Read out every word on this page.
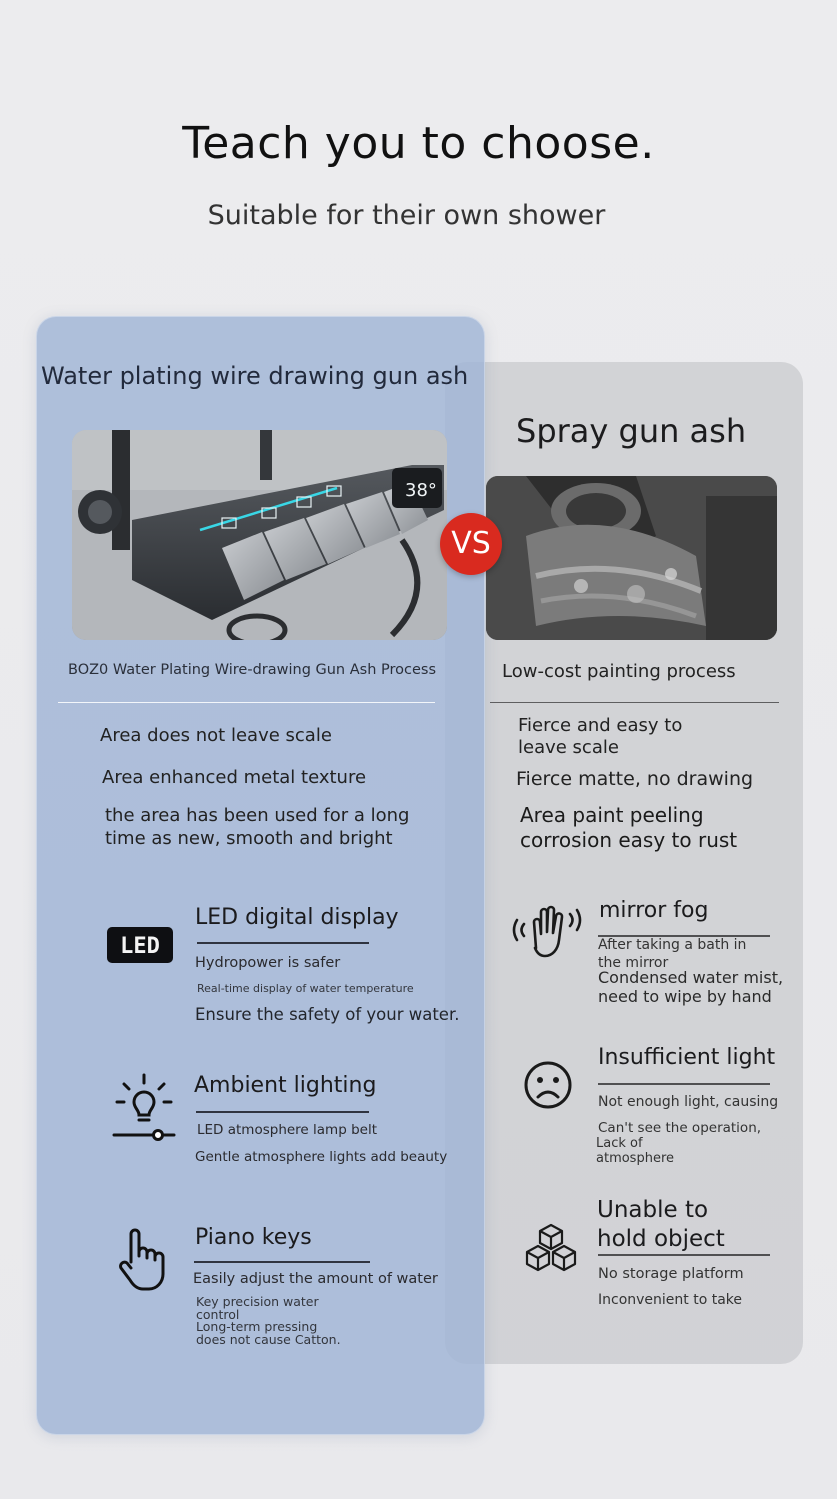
Teach you to choose.
Suitable for their own shower
Water plating wire drawing gun ash
Spray gun ash
38°
VS
BOZ0 Water Plating Wire-drawing Gun Ash Process	Low-cost painting process
Area does not leave scale
Area enhanced metal texture
the area has been used for a long
time as new, smooth and bright
Fierce and easy to
leave scale
Fierce matte, no drawing
Area paint peeling
corrosion easy to rust
LED
LED digital display
Hydropower is safer
Real-time display of water temperature
Ensure the safety of your water.
Ambient lighting
LED atmosphere lamp belt
Gentle atmosphere lights add beauty
Piano keys
Easily adjust the amount of water
Key precision water
control
Long-term pressing
does not cause Catton.
mirror fog
After taking a bath in
the mirror
Condensed water mist,
need to wipe by hand
Insufficient light
Not enough light, causing
Can't see the operation,
Lack of
atmosphere
Unable to
hold object
No storage platform
Inconvenient to take
